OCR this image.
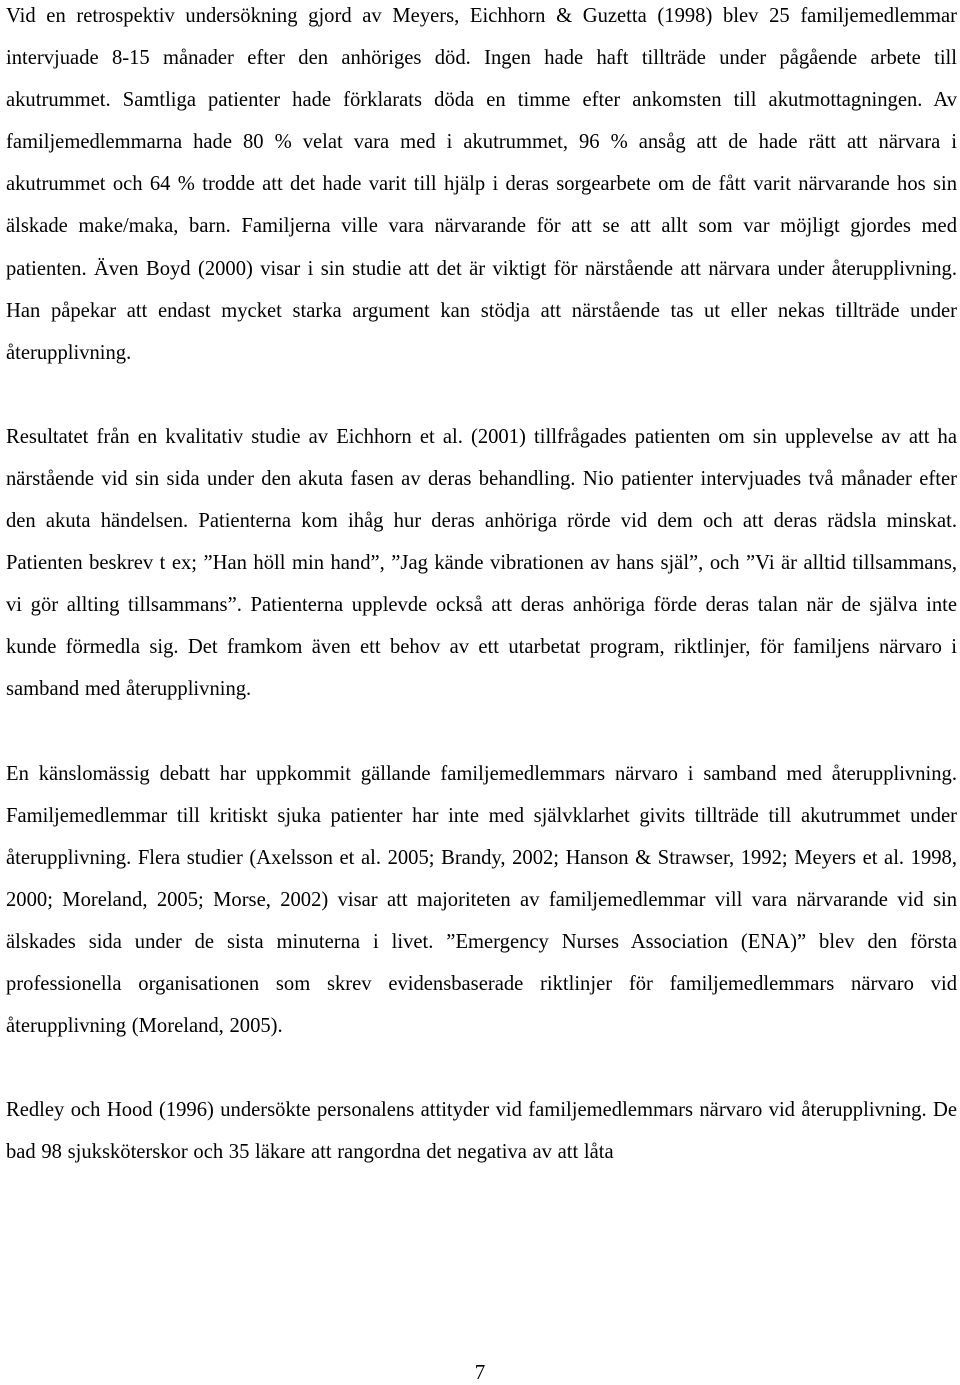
Vid en retrospektiv undersökning gjord av Meyers, Eichhorn & Guzetta (1998) blev 25 familjemedlemmar intervjuade 8-15 månader efter den anhöriges död. Ingen hade haft tillträde under pågående arbete till akutrummet. Samtliga patienter hade förklarats döda en timme efter ankomsten till akutmottagningen. Av familjemedlemmarna hade 80 % velat vara med i akutrummet, 96 % ansåg att de hade rätt att närvara i akutrummet och 64 % trodde att det hade varit till hjälp i deras sorgearbete om de fått varit närvarande hos sin älskade make/maka, barn. Familjerna ville vara närvarande för att se att allt som var möjligt gjordes med patienten. Även Boyd (2000) visar i sin studie att det är viktigt för närstående att närvara under återupplivning. Han påpekar att endast mycket starka argument kan stödja att närstående tas ut eller nekas tillträde under återupplivning.

Resultatet från en kvalitativ studie av Eichhorn et al. (2001) tillfrågades patienten om sin upplevelse av att ha närstående vid sin sida under den akuta fasen av deras behandling. Nio patienter intervjuades två månader efter den akuta händelsen. Patienterna kom ihåg hur deras anhöriga rörde vid dem och att deras rädsla minskat. Patienten beskrev t ex; ”Han höll min hand”, ”Jag kände vibrationen av hans själ”, och ”Vi är alltid tillsammans, vi gör allting tillsammans”. Patienterna upplevde också att deras anhöriga förde deras talan när de själva inte kunde förmedla sig. Det framkom även ett behov av ett utarbetat program, riktlinjer, för familjens närvaro i samband med återupplivning.

En känslomässig debatt har uppkommit gällande familjemedlemmars närvaro i samband med återupplivning. Familjemedlemmar till kritiskt sjuka patienter har inte med självklarhet givits tillträde till akutrummet under återupplivning. Flera studier (Axelsson et al. 2005; Brandy, 2002; Hanson & Strawser, 1992; Meyers et al. 1998, 2000; Moreland, 2005; Morse, 2002) visar att majoriteten av familjemedlemmar vill vara närvarande vid sin älskades sida under de sista minuterna i livet. ”Emergency Nurses Association (ENA)” blev den första professionella organisationen som skrev evidensbaserade riktlinjer för familjemedlemmars närvaro vid återupplivning (Moreland, 2005).

Redley och Hood (1996) undersökte personalens attityder vid familjemedlemmars närvaro vid återupplivning. De bad 98 sjuksköterskor och 35 läkare att rangordna det negativa av att låta

7
